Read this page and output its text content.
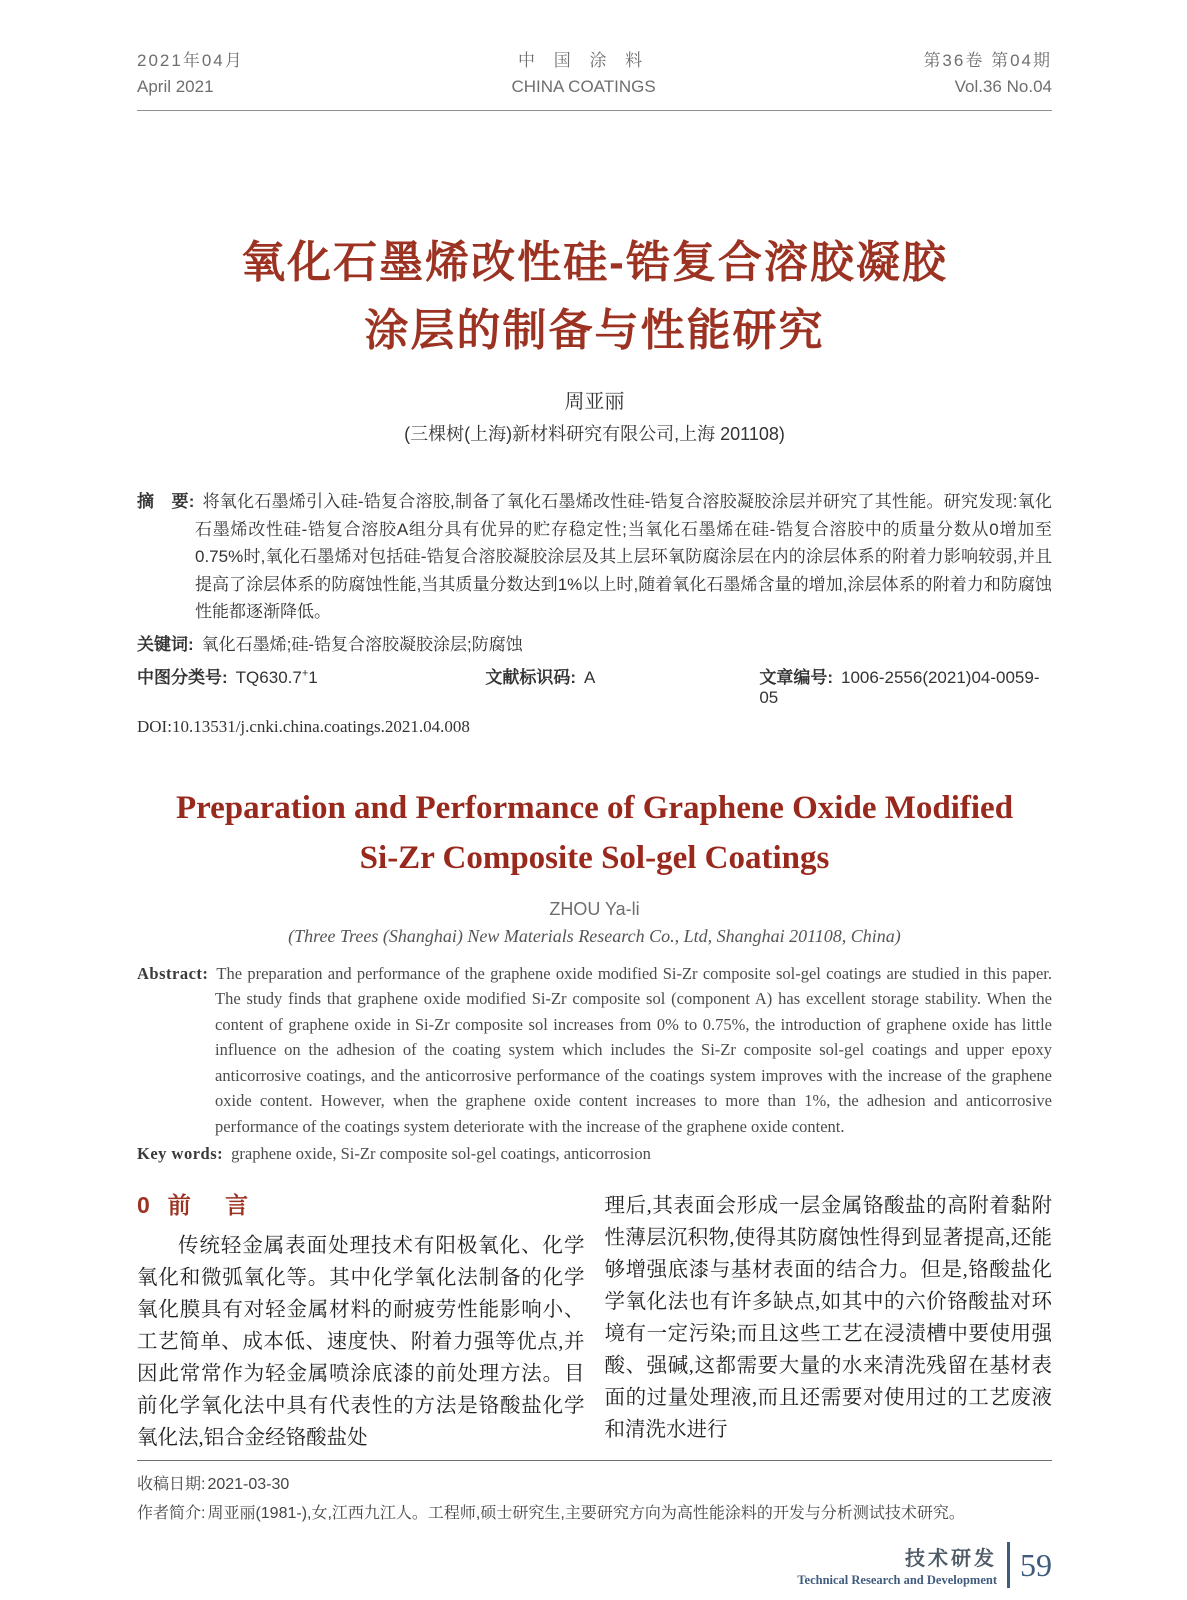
2021年04月
April 2021
中 国 涂 料
CHINA COATINGS
第36卷 第04期
Vol.36 No.04
氧化石墨烯改性硅-锆复合溶胶凝胶
涂层的制备与性能研究
周亚丽
(三棵树(上海)新材料研究有限公司,上海 201108)

摘　要: 将氧化石墨烯引入硅-锆复合溶胶,制备了氧化石墨烯改性硅-锆复合溶胶凝胶涂层并研究了其性能。研究发现:氧化石墨烯改性硅-锆复合溶胶A组分具有优异的贮存稳定性;当氧化石墨烯在硅-锆复合溶胶中的质量分数从0增加至0.75%时,氧化石墨烯对包括硅-锆复合溶胶凝胶涂层及其上层环氧防腐涂层在内的涂层体系的附着力影响较弱,并且提高了涂层体系的防腐蚀性能,当其质量分数达到1%以上时,随着氧化石墨烯含量的增加,涂层体系的附着力和防腐蚀性能都逐渐降低。

关键词: 氧化石墨烯;硅-锆复合溶胶凝胶涂层;防腐蚀

中图分类号: TQ630.7+1	文献标识码: A	文章编号: 1006-2556(2021)04-0059-05
DOI:10.13531/j.cnki.china.coatings.2021.04.008
Preparation and Performance of Graphene Oxide Modified
Si-Zr Composite Sol-gel Coatings
ZHOU Ya-li
(Three Trees (Shanghai) New Materials Research Co., Ltd, Shanghai 201108, China)

Abstract: The preparation and performance of the graphene oxide modified Si-Zr composite sol-gel coatings are studied in this paper. The study finds that graphene oxide modified Si-Zr composite sol (component A) has excellent storage stability. When the content of graphene oxide in Si-Zr composite sol increases from 0% to 0.75%, the introduction of graphene oxide has little influence on the adhesion of the coating system which includes the Si-Zr composite sol-gel coatings and upper epoxy anticorrosive coatings, and the anticorrosive performance of the coatings system improves with the increase of the graphene oxide content. However, when the graphene oxide content increases to more than 1%, the adhesion and anticorrosive performance of the coatings system deteriorate with the increase of the graphene oxide content.

Key words: graphene oxide, Si-Zr composite sol-gel coatings, anticorrosion

0 前 言

传统轻金属表面处理技术有阳极氧化、化学氧化和微弧氧化等。其中化学氧化法制备的化学氧化膜具有对轻金属材料的耐疲劳性能影响小、工艺简单、成本低、速度快、附着力强等优点,并因此常常作为轻金属喷涂底漆的前处理方法。目前化学氧化法中具有代表性的方法是铬酸盐化学氧化法,铝合金经铬酸盐处

理后,其表面会形成一层金属铬酸盐的高附着黏附性薄层沉积物,使得其防腐蚀性得到显著提高,还能够增强底漆与基材表面的结合力。但是,铬酸盐化学氧化法也有许多缺点,如其中的六价铬酸盐对环境有一定污染;而且这些工艺在浸渍槽中要使用强酸、强碱,这都需要大量的水来清洗残留在基材表面的过量处理液,而且还需要对使用过的工艺废液和清洗水进行

收稿日期: 2021-03-30

作者简介: 周亚丽(1981-),女,江西九江人。工程师,硕士研究生,主要研究方向为高性能涂料的开发与分析测试技术研究。

技术研发
Technical Research and Development 59
